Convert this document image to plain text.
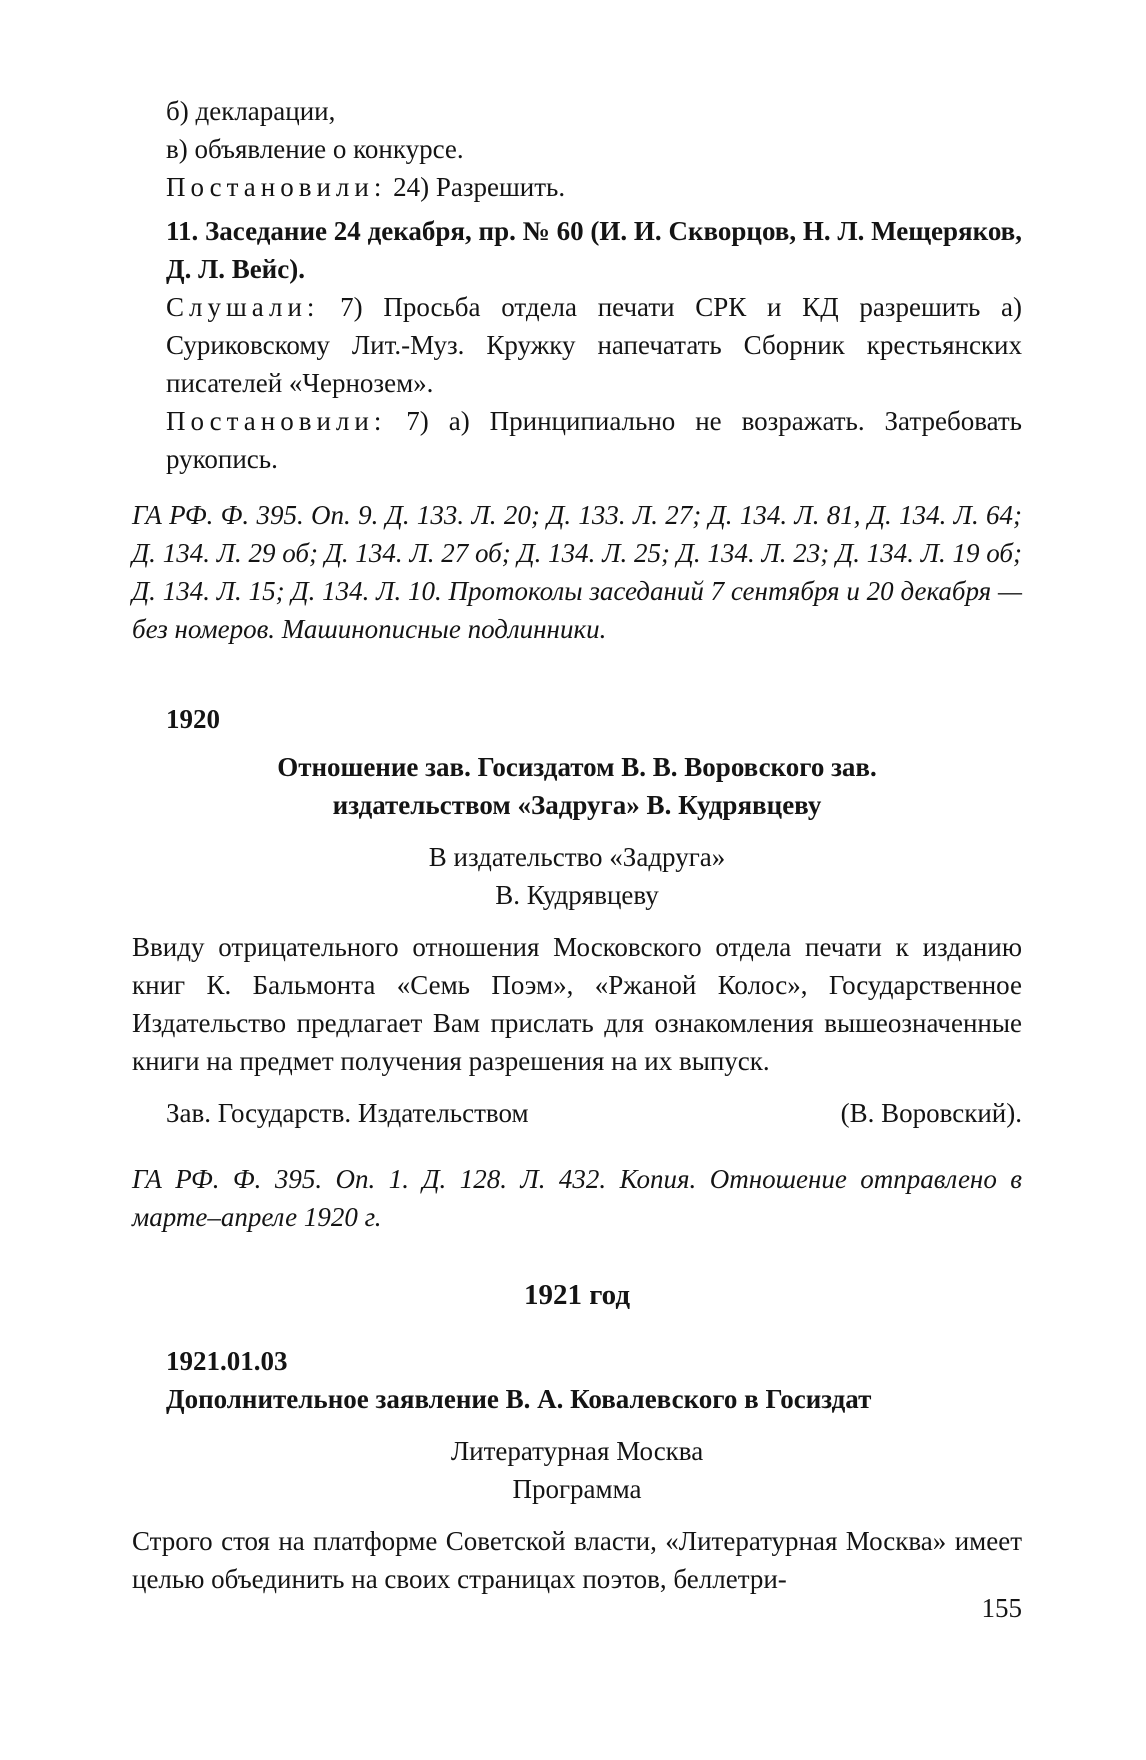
б) декларации,

в) объявление о конкурсе.

Постановили: 24) Разрешить.

11. Заседание 24 декабря, пр. № 60 (И. И. Скворцов, Н. Л. Мещеряков, Д. Л. Вейс).

Слушали: 7) Просьба отдела печати СРК и КД разрешить а) Суриковскому Лит.-Муз. Кружку напечатать Сборник крестьянских писателей «Чернозем».

Постановили: 7) а) Принципиально не возражать. Затребовать рукопись.

ГА РФ. Ф. 395. Оп. 9. Д. 133. Л. 20; Д. 133. Л. 27; Д. 134. Л. 81, Д. 134. Л. 64; Д. 134. Л. 29 об; Д. 134. Л. 27 об; Д. 134. Л. 25; Д. 134. Л. 23; Д. 134. Л. 19 об; Д. 134. Л. 15; Д. 134. Л. 10. Протоколы заседаний 7 сентября и 20 декабря — без номеров. Машинописные подлинники.

1920

Отношение зав. Госиздатом В. В. Воровского зав.

издательством «Задруга» В. Кудрявцеву

В издательство «Задруга»

В. Кудрявцеву

Ввиду отрицательного отношения Московского отдела печати к изданию книг К. Бальмонта «Семь Поэм», «Ржаной Колос», Государственное Издательство предлагает Вам прислать для ознакомления вышеозначенные книги на предмет получения разрешения на их выпуск.

Зав. Государств. Издательством	(В. Воровский).

ГА РФ. Ф. 395. Оп. 1. Д. 128. Л. 432. Копия. Отношение отправлено в марте–апреле 1920 г.

1921 год

1921.01.03

Дополнительное заявление В. А. Ковалевского в Госиздат

Литературная Москва

Программа

Строго стоя на платформе Советской власти, «Литературная Москва» имеет целью объединить на своих страницах поэтов, беллетри-

155
